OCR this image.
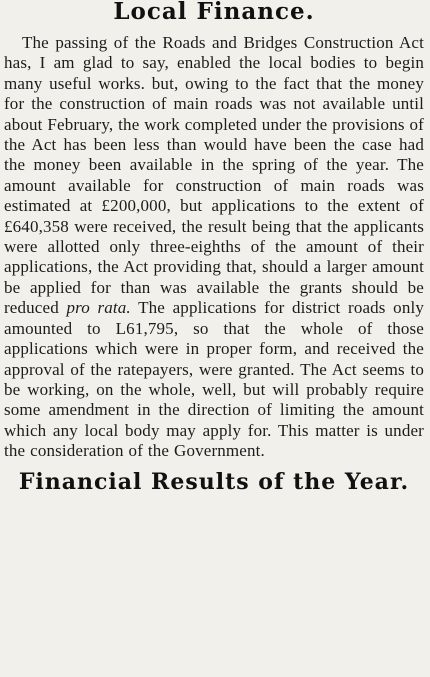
Local Finance.

The passing of the Roads and Bridges Construction Act has, I am glad to say, enabled the local bodies to begin many useful works. but, owing to the fact that the money for the construction of main roads was not available until about February, the work completed under the provisions of the Act has been less than would have been the case had the money been available in the spring of the year. The amount available for construction of main roads was estimated at £200,000, but applications to the extent of £640,358 were received, the result being that the applicants were allotted only three-eighths of the amount of their applications, the Act providing that, should a larger amount be applied for than was available the grants should be reduced pro rata. The applications for district roads only amounted to L61,795, so that the whole of those applications which were in proper form, and received the approval of the ratepayers, were granted. The Act seems to be working, on the whole, well, but will probably require some amendment in the direction of limiting the amount which any local body may apply for. This matter is under the consideration of the Government.

Financial Results of the Year.
